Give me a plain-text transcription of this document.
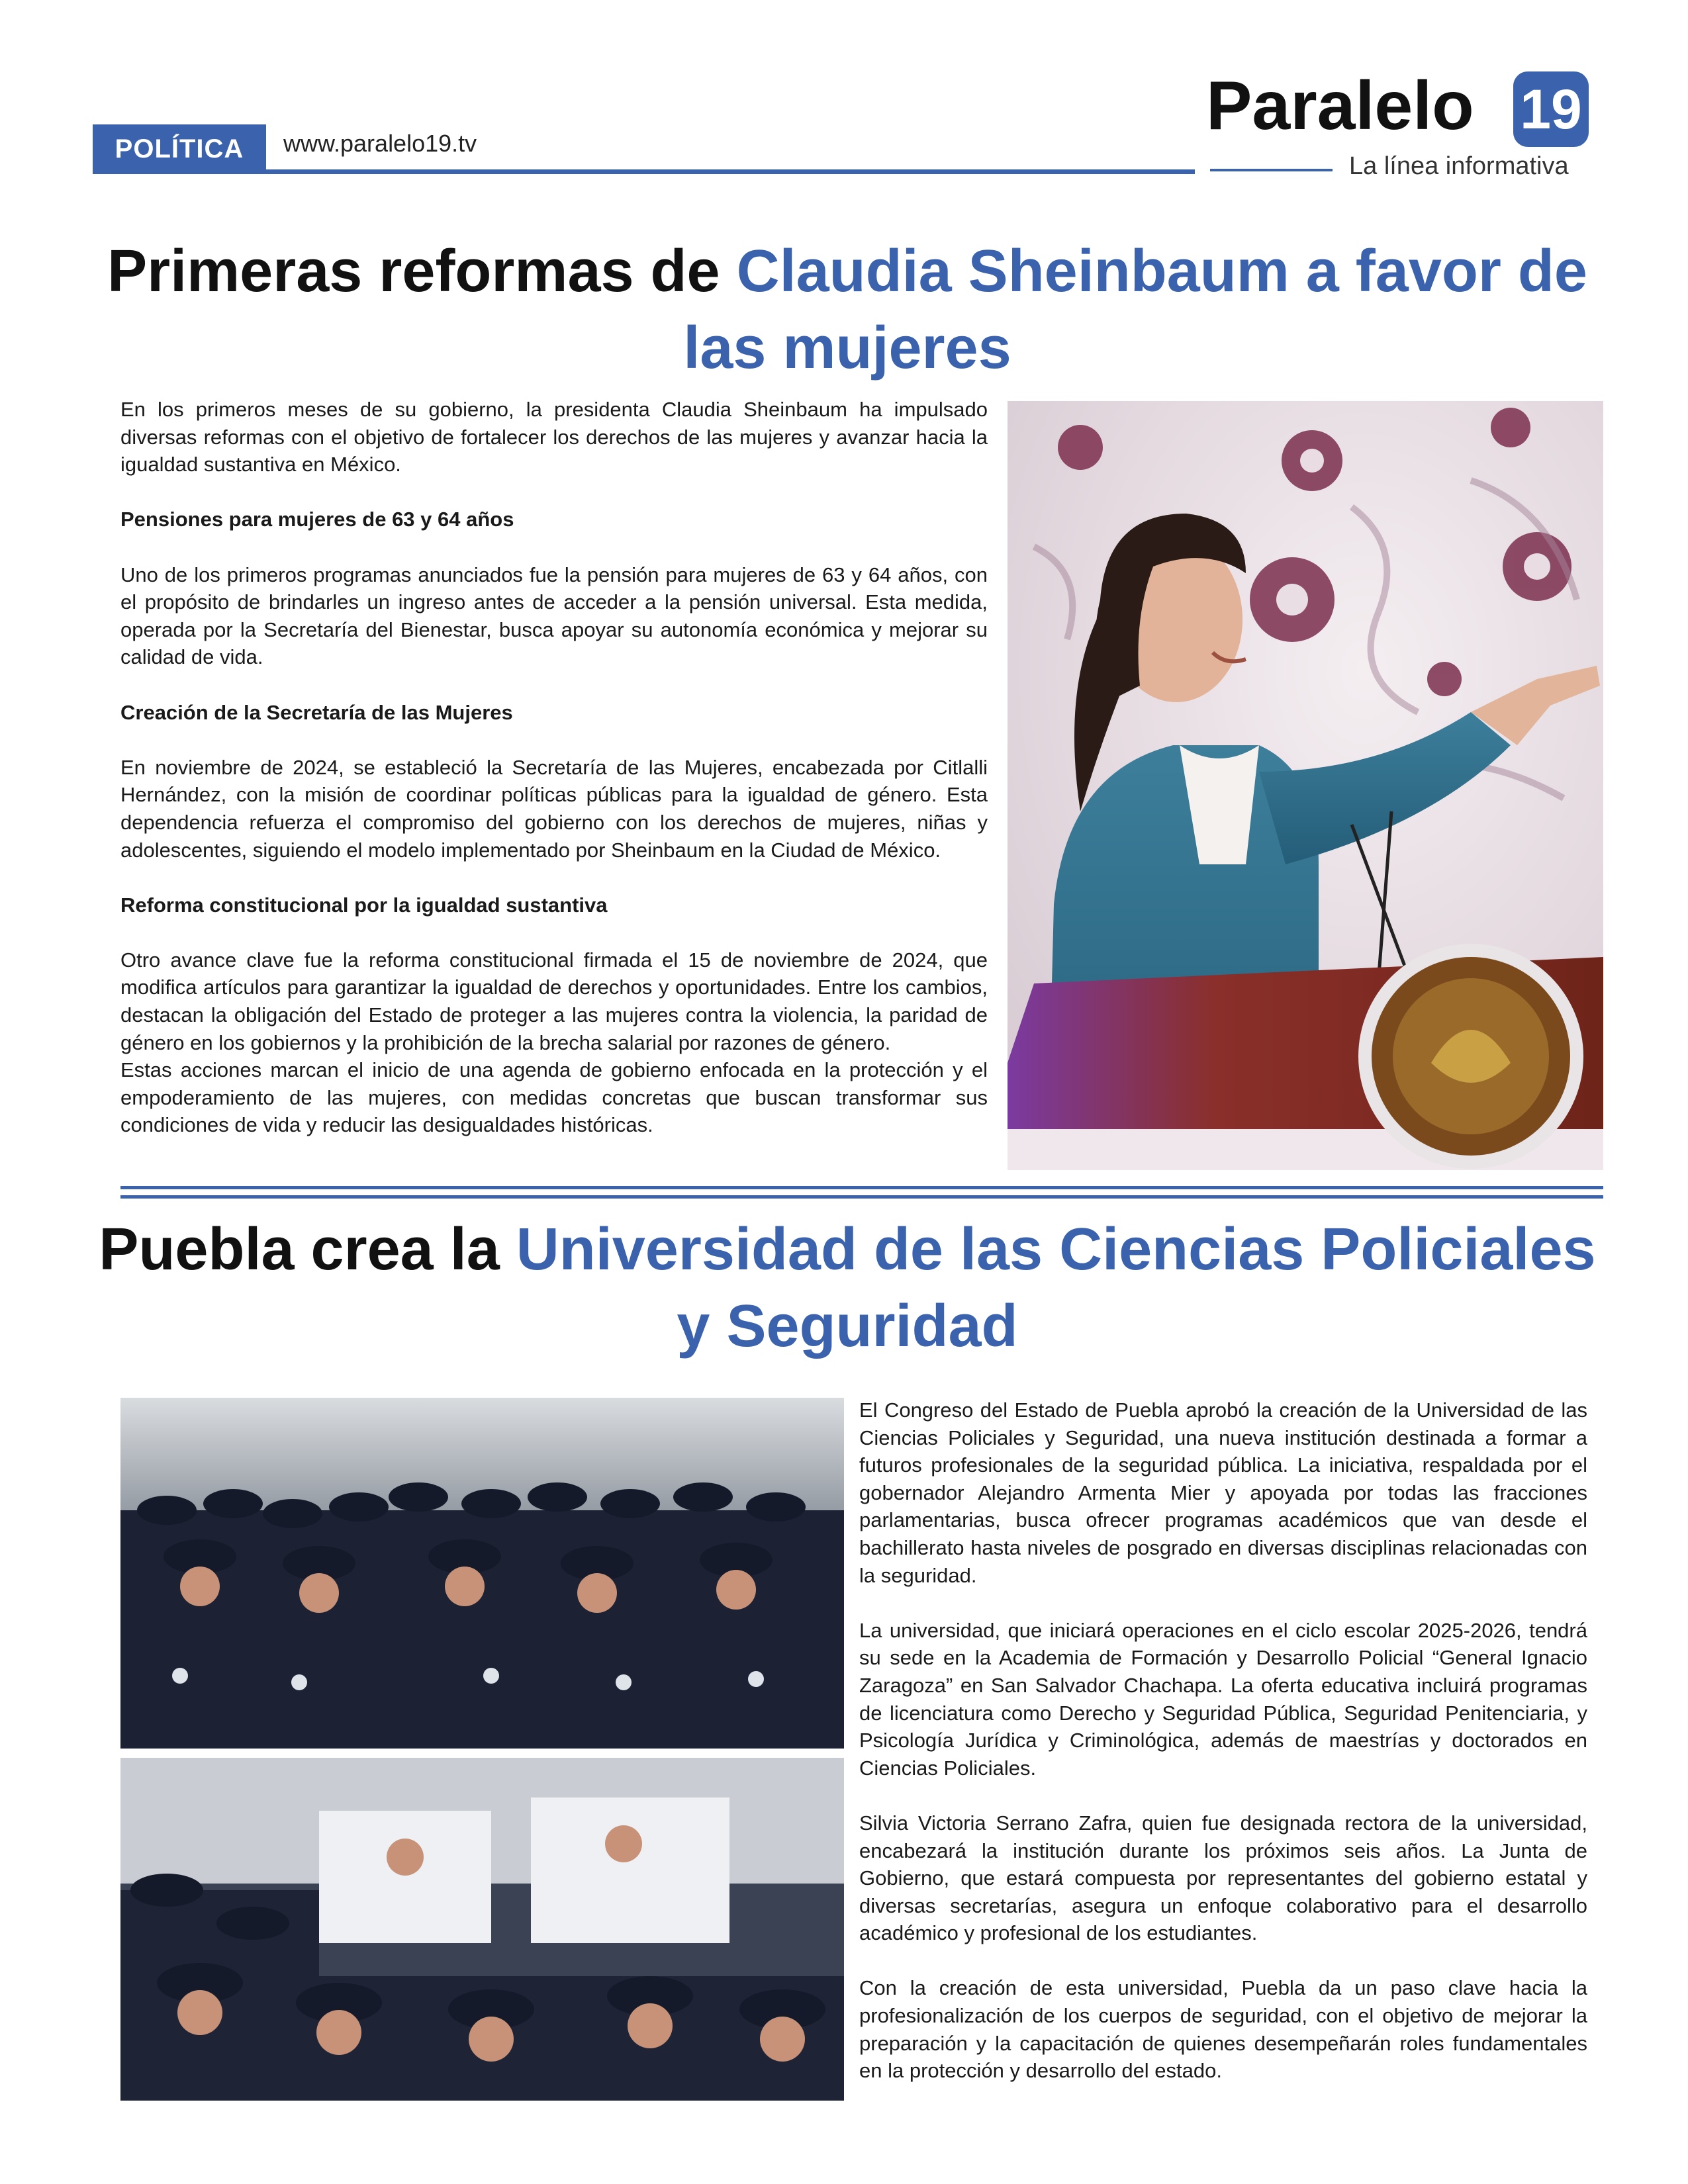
POLÍTICA	www.paralelo19.tv	Paralelo 19
La línea informativa
Primeras reformas de Claudia Sheinbaum a favor de las mujeres

En los primeros meses de su gobierno, la presidenta Claudia Sheinbaum ha impulsado diversas reformas con el objetivo de fortalecer los derechos de las mujeres y avanzar hacia la igualdad sustantiva en México.

Pensiones para mujeres de 63 y 64 años

Uno de los primeros programas anunciados fue la pensión para mujeres de 63 y 64 años, con el propósito de brindarles un ingreso antes de acceder a la pensión universal. Esta medida, operada por la Secretaría del Bienestar, busca apoyar su autonomía económica y mejorar su calidad de vida.

Creación de la Secretaría de las Mujeres

En noviembre de 2024, se estableció la Secretaría de las Mujeres, encabezada por Citlalli Hernández, con la misión de coordinar políticas públicas para la igualdad de género. Esta dependencia refuerza el compromiso del gobierno con los derechos de mujeres, niñas y adolescentes, siguiendo el modelo implementado por Sheinbaum en la Ciudad de México.

Reforma constitucional por la igualdad sustantiva

Otro avance clave fue la reforma constitucional firmada el 15 de noviembre de 2024, que modifica artículos para garantizar la igualdad de derechos y oportunidades. Entre los cambios, destacan la obligación del Estado de proteger a las mujeres contra la violencia, la paridad de género en los gobiernos y la prohibición de la brecha salarial por razones de género.

Estas acciones marcan el inicio de una agenda de gobierno enfocada en la protección y el empoderamiento de las mujeres, con medidas concretas que buscan transformar sus condiciones de vida y reducir las desigualdades históricas.

Puebla crea la Universidad de las Ciencias Policiales y Seguridad

El Congreso del Estado de Puebla aprobó la creación de la Universidad de las Ciencias Policiales y Seguridad, una nueva institución destinada a formar a futuros profesionales de la seguridad pública. La iniciativa, respaldada por el gobernador Alejandro Armenta Mier y apoyada por todas las fracciones parlamentarias, busca ofrecer programas académicos que van desde el bachillerato hasta niveles de posgrado en diversas disciplinas relacionadas con la seguridad.

La universidad, que iniciará operaciones en el ciclo escolar 2025-2026, tendrá su sede en la Academia de Formación y Desarrollo Policial “General Ignacio Zaragoza” en San Salvador Chachapa. La oferta educativa incluirá programas de licenciatura como Derecho y Seguridad Pública, Seguridad Penitenciaria, y Psicología Jurídica y Criminológica, además de maestrías y doctorados en Ciencias Policiales.

Silvia Victoria Serrano Zafra, quien fue designada rectora de la universidad, encabezará la institución durante los próximos seis años. La Junta de Gobierno, que estará compuesta por representantes del gobierno estatal y diversas secretarías, asegura un enfoque colaborativo para el desarrollo académico y profesional de los estudiantes.

Con la creación de esta universidad, Puebla da un paso clave hacia la profesionalización de los cuerpos de seguridad, con el objetivo de mejorar la preparación y la capacitación de quienes desempeñarán roles fundamentales en la protección y desarrollo del estado.
